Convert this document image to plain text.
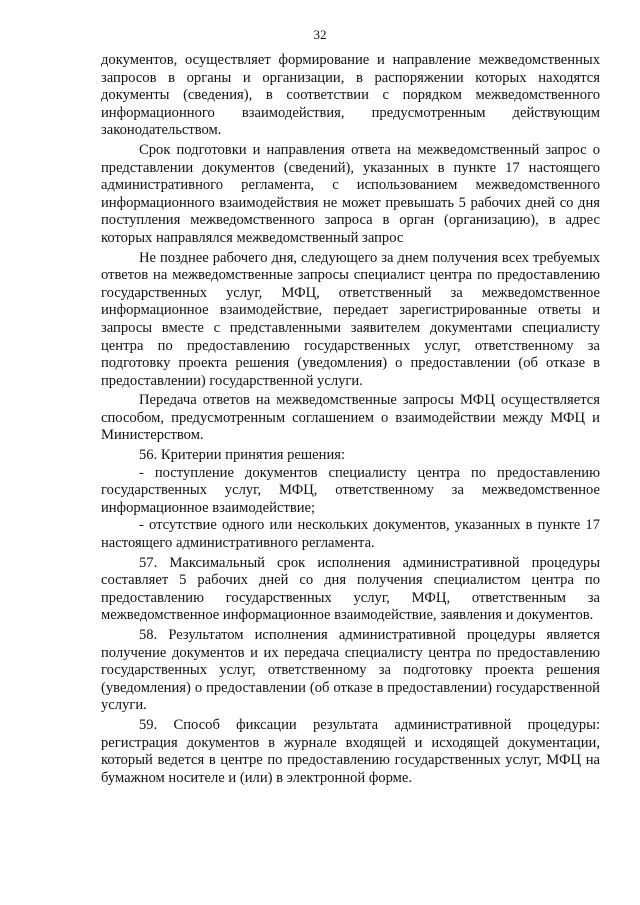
32

документов, осуществляет формирование и направление межведомственных запросов в органы и организации, в распоряжении которых находятся документы (сведения), в соответствии с порядком межведомственного информационного взаимодействия, предусмотренным действующим законодательством.

Срок подготовки и направления ответа на межведомственный запрос о представлении документов (сведений), указанных в пункте 17 настоящего административного регламента, с использованием межведомственного информационного взаимодействия не может превышать 5 рабочих дней со дня поступления межведомственного запроса в орган (организацию), в адрес которых направлялся межведомственный запрос

Не позднее рабочего дня, следующего за днем получения всех требуемых ответов на межведомственные запросы специалист центра по предоставлению государственных услуг, МФЦ, ответственный за межведомственное информационное взаимодействие, передает зарегистрированные ответы и запросы вместе с представленными заявителем документами специалисту центра по предоставлению государственных услуг, ответственному за подготовку проекта решения (уведомления) о предоставлении (об отказе в предоставлении) государственной услуги.

Передача ответов на межведомственные запросы МФЦ осуществляется способом, предусмотренным соглашением о взаимодействии между МФЦ и Министерством.

56. Критерии принятия решения:

- поступление документов специалисту центра по предоставлению государственных услуг, МФЦ, ответственному за межведомственное информационное взаимодействие;

- отсутствие одного или нескольких документов, указанных в пункте 17 настоящего административного регламента.

57. Максимальный срок исполнения административной процедуры составляет 5 рабочих дней со дня получения специалистом центра по предоставлению государственных услуг, МФЦ, ответственным за межведомственное информационное взаимодействие, заявления и документов.

58. Результатом исполнения административной процедуры является получение документов и их передача специалисту центра по предоставлению государственных услуг, ответственному за подготовку проекта решения (уведомления) о предоставлении (об отказе в предоставлении) государственной услуги.

59. Способ фиксации результата административной процедуры: регистрация документов в журнале входящей и исходящей документации, который ведется в центре по предоставлению государственных услуг, МФЦ на бумажном носителе и (или) в электронной форме.
